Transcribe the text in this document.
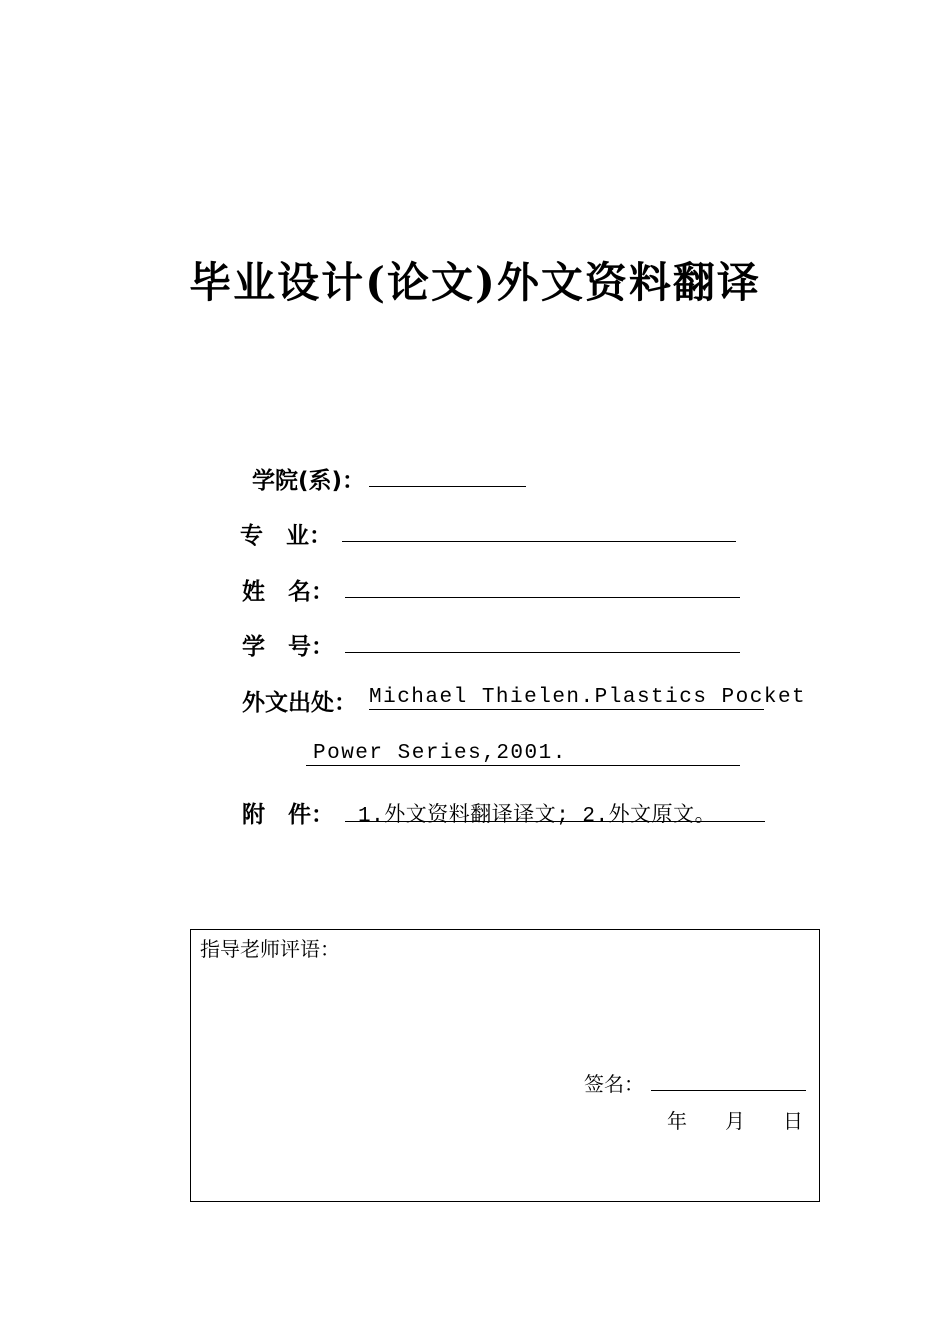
毕业设计(论文)外文资料翻译
学院(系)：
专　业：
姓　名：
学　号：
外文出处： Michael Thielen.Plastics Pocket
Power Series,2001.
附　件： 1.外文资料翻译译文; 2.外文原文。
指导老师评语：
签名：
年 月 日
